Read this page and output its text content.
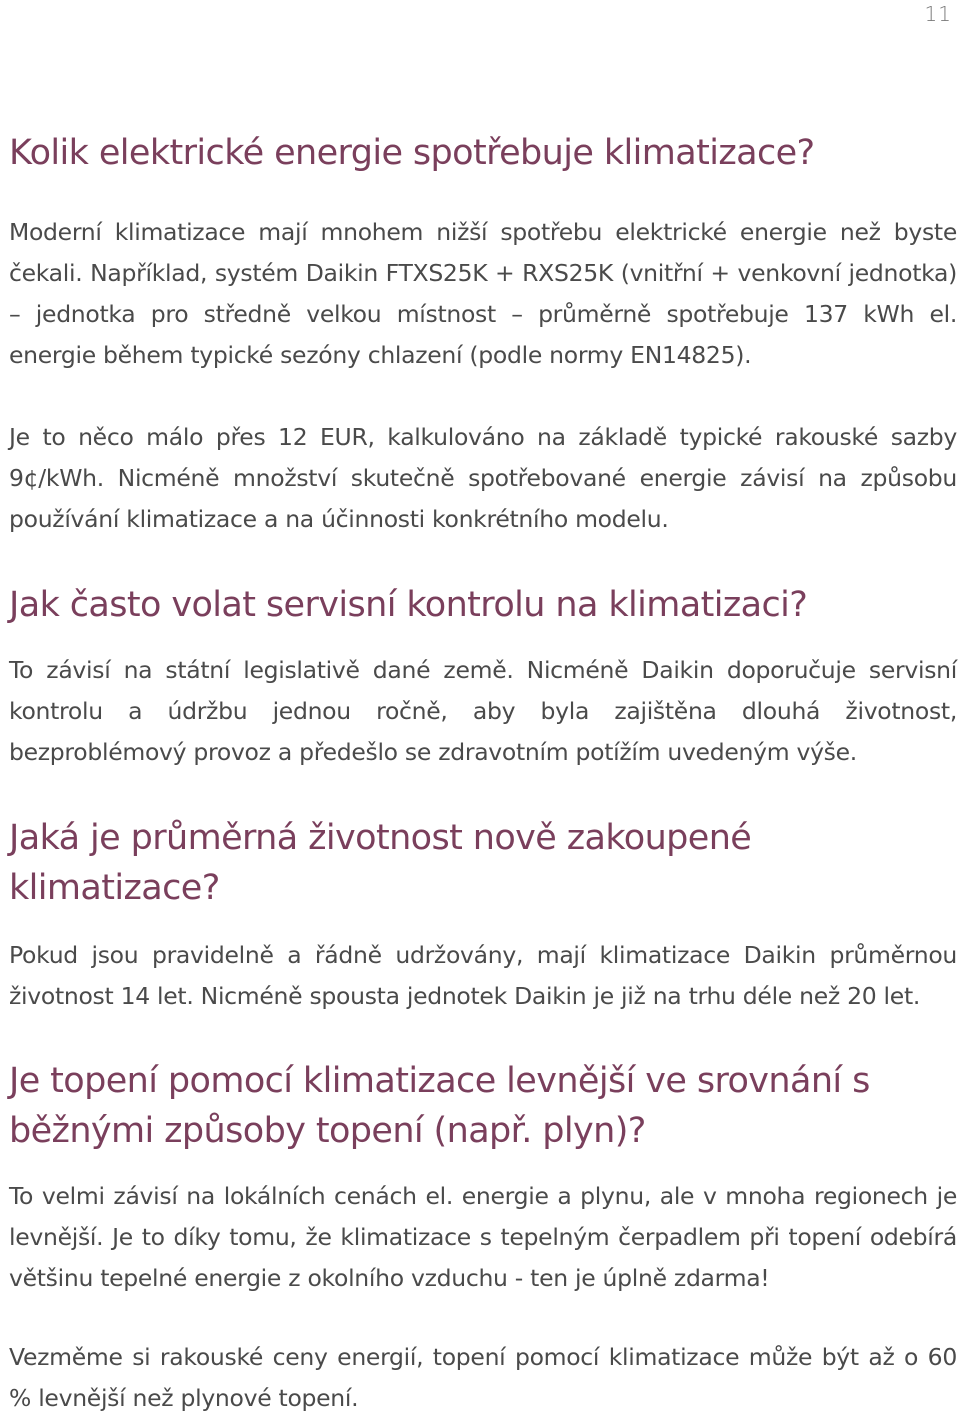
11
Kolik elektrické energie spotřebuje klimatizace?

Moderní klimatizace mají mnohem nižší spotřebu elektrické energie než byste čekali. Například, systém Daikin FTXS25K + RXS25K (vnitřní + venkovní jednotka) – jednotka pro středně velkou místnost – průměrně spotřebuje 137 kWh el. energie během typické sezóny chlazení (podle normy EN14825).

Je to něco málo přes 12 EUR, kalkulováno na základě typické rakouské sazby 9¢/kWh. Nicméně množství skutečně spotřebované energie závisí na způsobu používání klimatizace a na účinnosti konkrétního modelu.

Jak často volat servisní kontrolu na klimatizaci?

To závisí na státní legislativě dané země. Nicméně Daikin doporučuje servisní kontrolu a údržbu jednou ročně, aby byla zajištěna dlouhá životnost, bezproblémový provoz a předešlo se zdravotním potížím uvedeným výše.

Jaká je průměrná životnost nově zakoupené klimatizace?

Pokud jsou pravidelně a řádně udržovány, mají klimatizace Daikin průměrnou životnost 14 let. Nicméně spousta jednotek Daikin je již na trhu déle než 20 let.

Je topení pomocí klimatizace levnější ve srovnání s běžnými způsoby topení (např. plyn)?

To velmi závisí na lokálních cenách el. energie a plynu, ale v mnoha regionech je levnější. Je to díky tomu, že klimatizace s tepelným čerpadlem při topení odebírá většinu tepelné energie z okolního vzduchu - ten je úplně zdarma!

Vezměme si rakouské ceny energií, topení pomocí klimatizace může být až o 60 % levnější než plynové topení.
